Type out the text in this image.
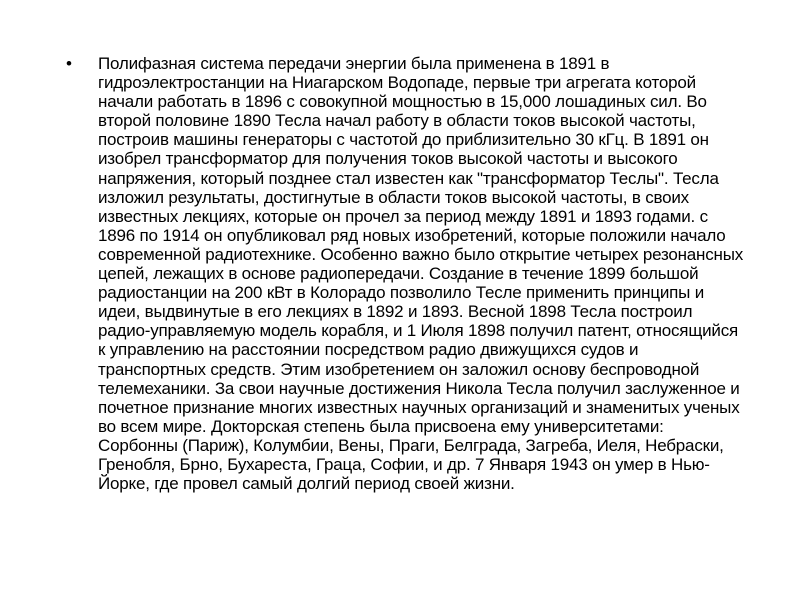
• Полифазная система передачи энергии была применена в 1891 в гидроэлектростанции на Ниагарском Водопаде, первые три агрегата которой начали работать в 1896 с совокупной мощностью в 15,000 лошадиных сил. Во второй половине 1890 Тесла начал работу в области токов высокой частоты, построив машины генераторы с частотой до приблизительно 30 кГц. В 1891 он изобрел трансформатор для получения токов высокой частоты и высокого напряжения, который позднее стал известен как "трансформатор Теслы". Тесла изложил результаты, достигнутые в области токов высокой частоты, в своих известных лекциях, которые он прочел за период между 1891 и 1893 годами. с 1896 по 1914 он опубликовал ряд новых изобретений, которые положили начало современной радиотехнике. Особенно важно было открытие четырех резонансных цепей, лежащих в основе радиопередачи. Создание в течение 1899 большой радиостанции на 200 кВт в Колорадо позволило Тесле применить принципы и идеи, выдвинутые в его лекциях в 1892 и 1893. Весной 1898 Тесла построил радио-управляемую модель корабля, и 1 Июля 1898 получил патент, относящийся к управлению на расстоянии посредством радио движущихся судов и транспортных средств. Этим изобретением он заложил основу беспроводной телемеханики. За свои научные достижения Никола Тесла получил заслуженное и почетное признание многих известных научных организаций и знаменитых ученых во всем мире. Докторская степень была присвоена ему университетами: Сорбонны (Париж), Колумбии, Вены, Праги, Белграда, Загреба, Иеля, Небраски, Гренобля, Брно, Бухареста, Граца, Софии, и др. 7 Января 1943 он умер в Нью-Йорке, где провел самый долгий период своей жизни.
